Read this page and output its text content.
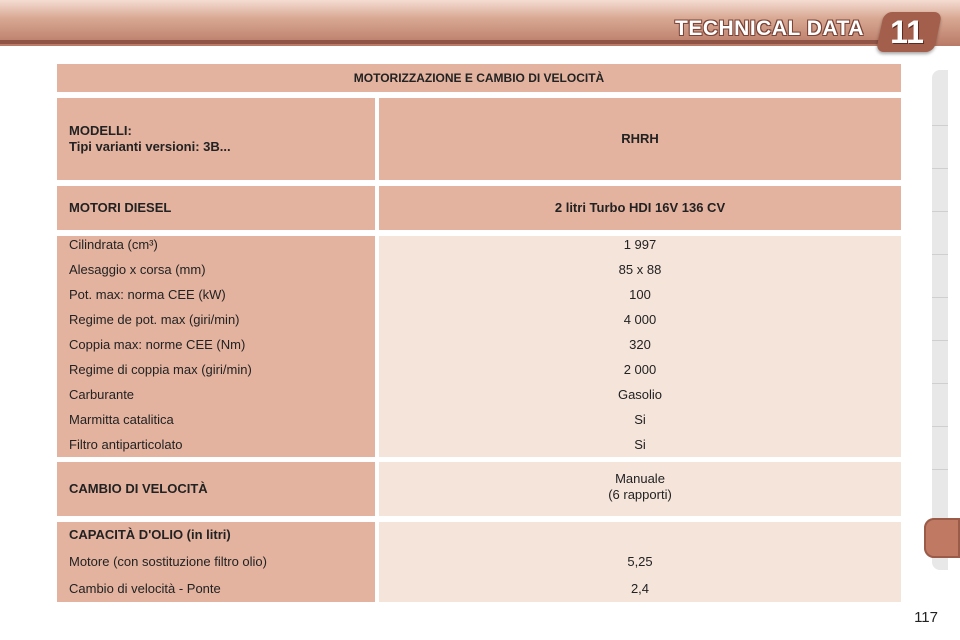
TECHNICAL DATA 11
MOTORIZZAZIONE E CAMBIO DI VELOCITÀ
MODELLI:
Tipi varianti versioni: 3B...
RHRH
MOTORI DIESEL	2 litri Turbo HDI 16V 136 CV
Cilindrata (cm³)
Alesaggio x corsa (mm)
Pot. max: norma CEE (kW)
Regime de pot. max (giri/min)
Coppia max: norme CEE (Nm)
Regime di coppia max (giri/min)
Carburante
Marmitta catalitica
Filtro antiparticolato
1 997
85 x 88
100
4 000
320
2 000
Gasolio
Si
Si
CAMBIO DI VELOCITÀ
Manuale
(6 rapporti)
CAPACITÀ D'OLIO (in litri)
Motore (con sostituzione filtro olio)
Cambio di velocità - Ponte
5,25
2,4
117
